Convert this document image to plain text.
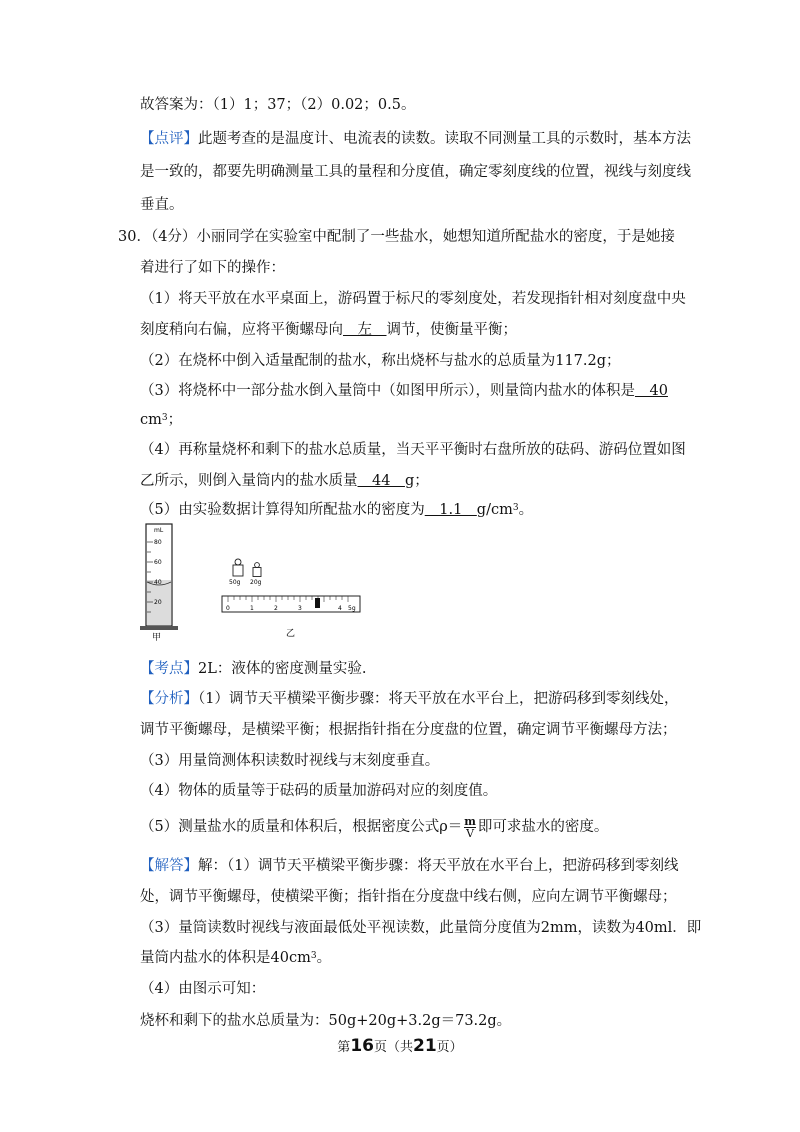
故答案为：（1）1；37；（2）0.02；0.5。
【点评】此题考查的是温度计、电流表的读数。读取不同测量工具的示数时，基本方法
是一致的，都要先明确测量工具的量程和分度值，确定零刻度线的位置，视线与刻度线
垂直。
30．（4分）小丽同学在实验室中配制了一些盐水，她想知道所配盐水的密度，于是她接
着进行了如下的操作：
（1）将天平放在水平桌面上，游码置于标尺的零刻度处，若发现指针相对刻度盘中央
刻度稍向右偏，应将平衡螺母向　左　调节，使衡量平衡；
（2）在烧杯中倒入适量配制的盐水，称出烧杯与盐水的总质量为117.2g；
（3）将烧杯中一部分盐水倒入量筒中（如图甲所示），则量筒内盐水的体积是　40
$cm^3$；
（4）再称量烧杯和剩下的盐水总质量，当天平平衡时右盘所放的砝码、游码位置如图
乙所示，则倒入量筒内的盐水质量　44　g；
（5）由实验数据计算得知所配盐水的密度为　1.1　$g/cm^3$。
mL
80
60
40
20
甲
50g 20g
0	1	2	3	4 5g
乙
【考点】2L：液体的密度测量实验.
【分析】（1）调节天平横梁平衡步骤：将天平放在水平台上，把游码移到零刻线处，
调节平衡螺母，是横梁平衡；根据指针指在分度盘的位置，确定调节平衡螺母方法；
（3）用量筒测体积读数时视线与末刻度垂直。
（4）物体的质量等于砝码的质量加游码对应的刻度值。
（5）测量盐水的质量和体积后，根据密度公式$\rho= \frac{m}{V}$ 即可求盐水的密度。
【解答】解：（1）调节天平横梁平衡步骤：将天平放在水平台上，把游码移到零刻线
处，调节平衡螺母，使横梁平衡；指针指在分度盘中线右侧，应向左调节平衡螺母；
（3）量筒读数时视线与液面最低处平视读数，此量筒分度值为2mm，读数为40ml．即
量筒内盐水的体积是$40cm^3$。
（4）由图示可知：
烧杯和剩下的盐水总质量为：50g+20g+3.2g＝73.2g。
第16页（共21页）
